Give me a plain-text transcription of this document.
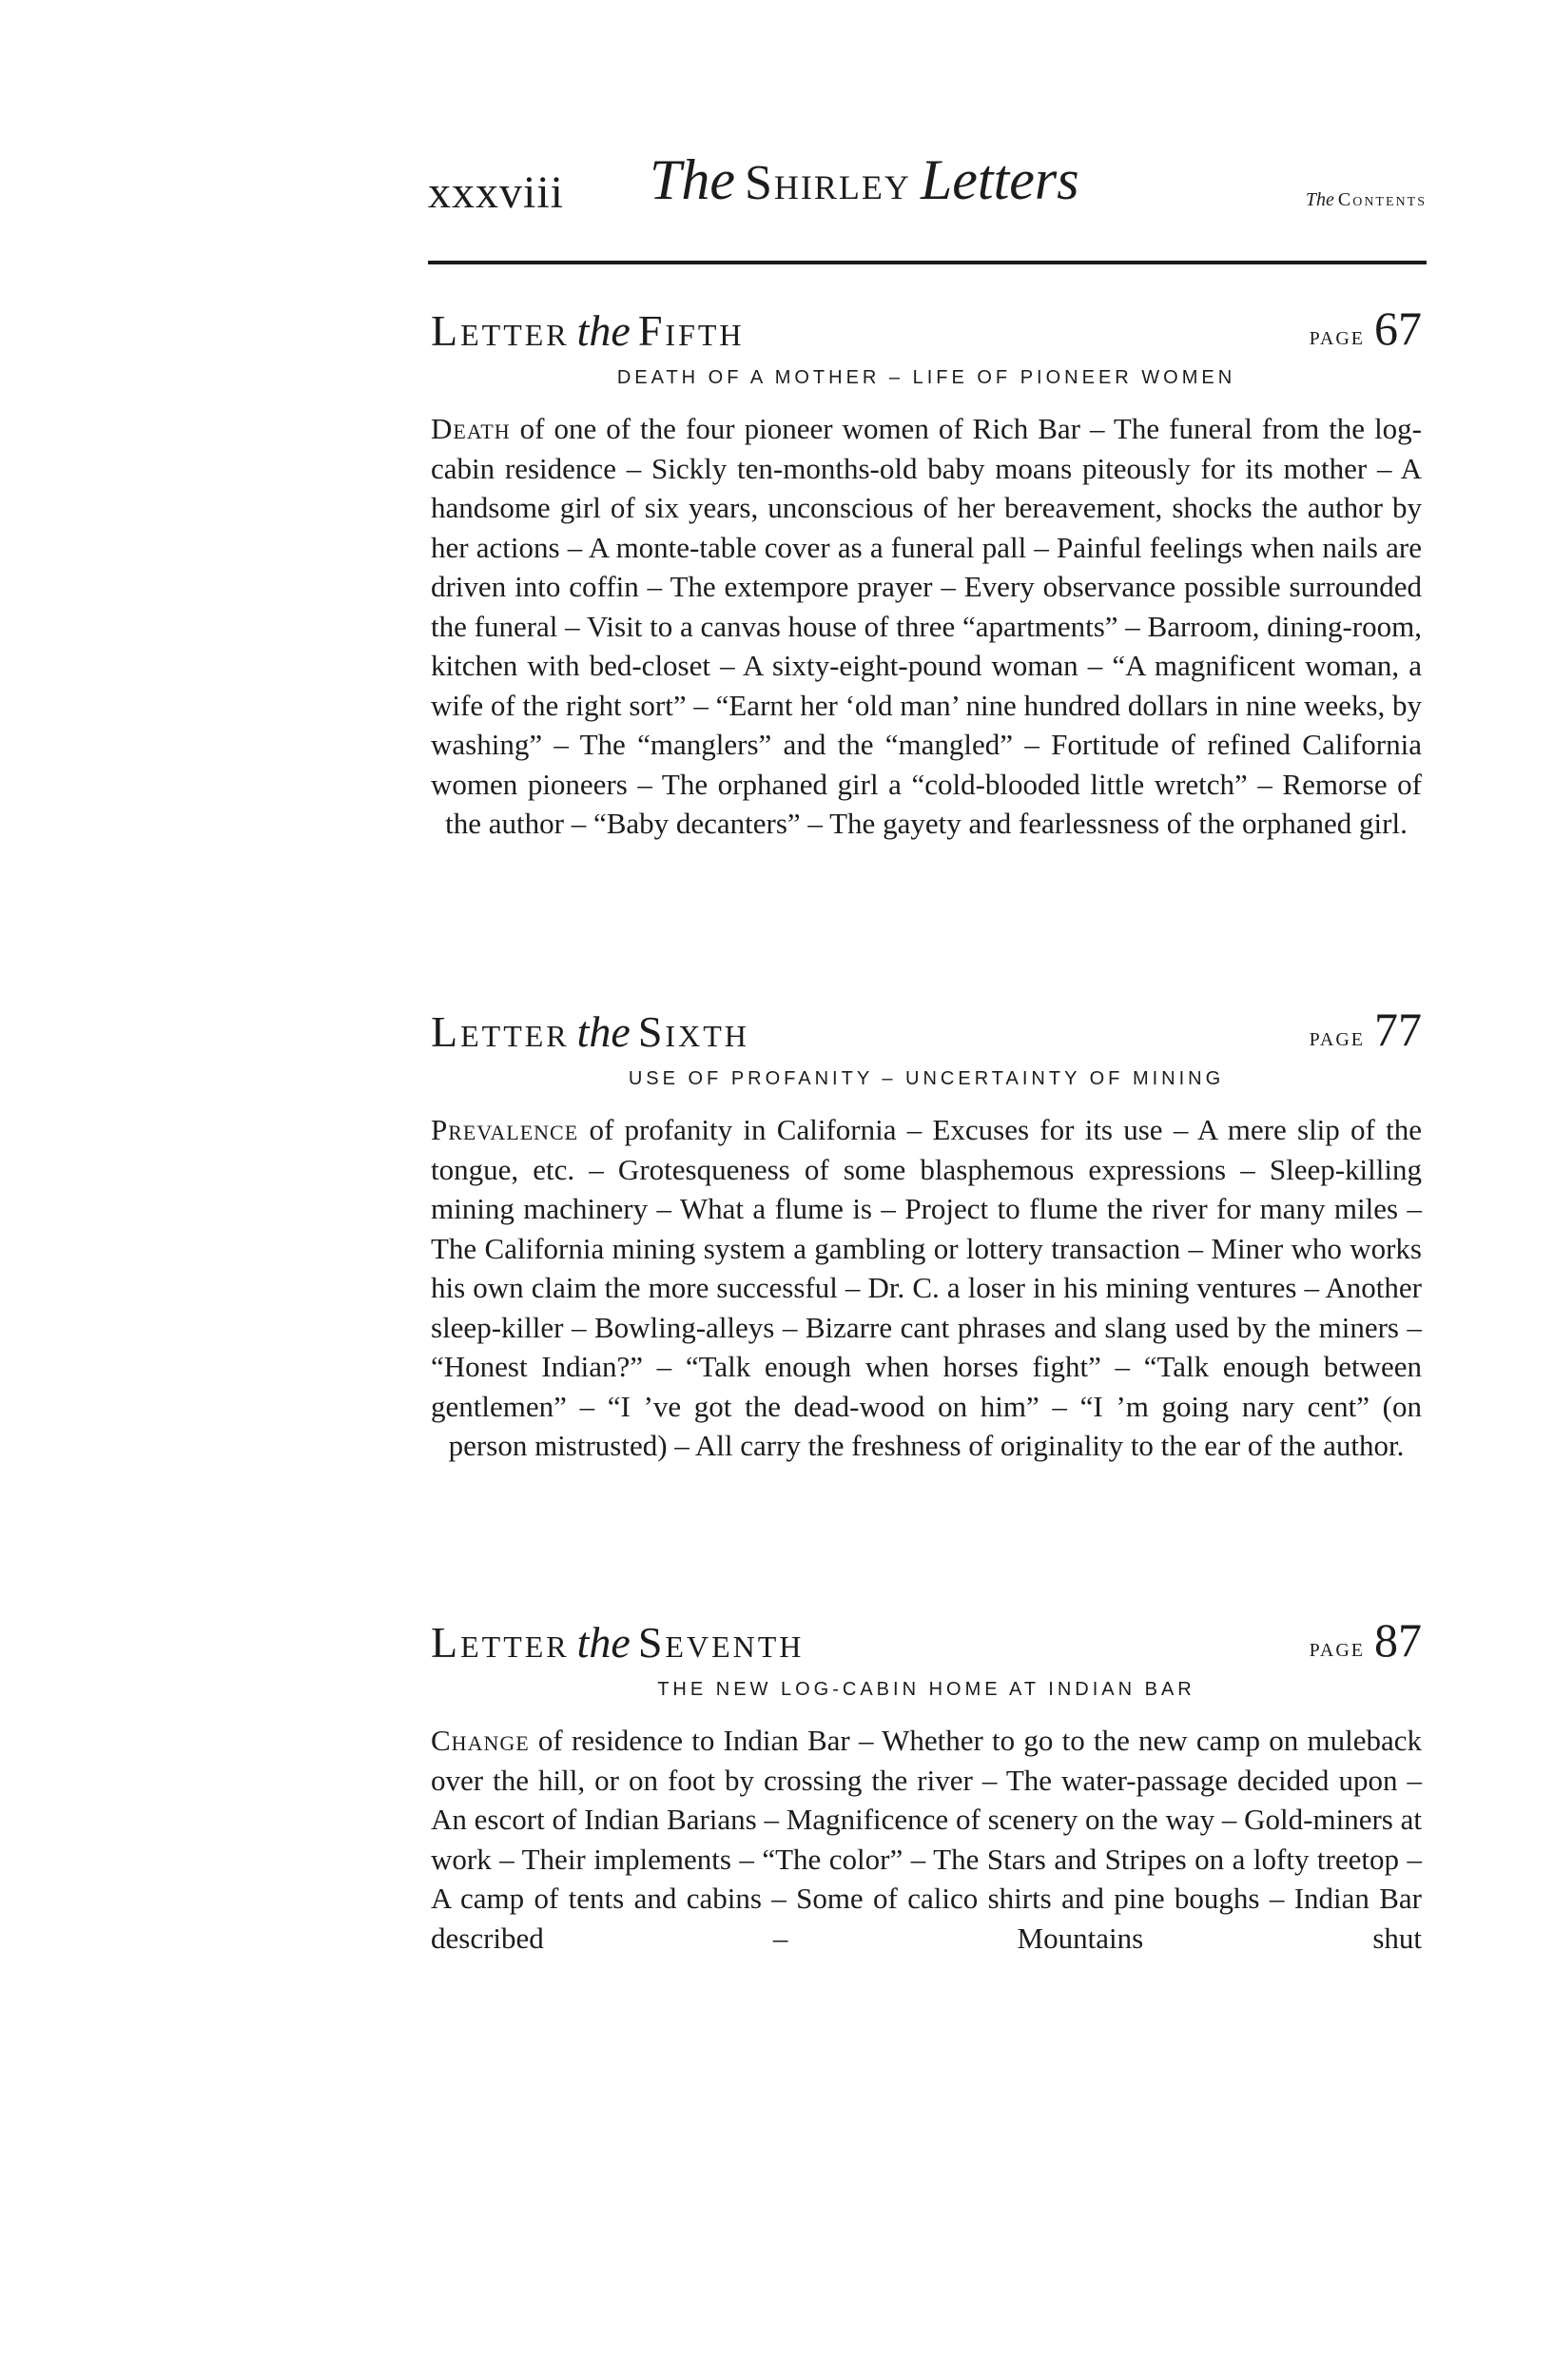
xxxviii The Shirley Letters	The Contents
Letter the Fifth	PAGE 67
DEATH OF A MOTHER – LIFE OF PIONEER WOMEN

Death of one of the four pioneer women of Rich Bar – The funeral from the log-cabin residence – Sickly ten-months-old baby moans piteously for its mother – A handsome girl of six years, unconscious of her bereavement, shocks the author by her actions – A monte-table cover as a funeral pall – Painful feelings when nails are driven into coffin – The extempore prayer – Every observance possible surrounded the funeral – Visit to a canvas house of three “apartments” – Barroom, dining-room, kitchen with bed-closet – A sixty-eight-pound woman – “A magnificent woman, a wife of the right sort” – “Earnt her ‘old man’ nine hundred dollars in nine weeks, by washing” – The “manglers” and the “mangled” – Fortitude of refined California women pioneers – The orphaned girl a “cold-blooded little wretch” – Remorse of the author – “Baby decanters” – The gayety and fearlessness of the orphaned girl.

Letter the Sixth	PAGE 77
USE OF PROFANITY – UNCERTAINTY OF MINING

Prevalence of profanity in California – Excuses for its use – A mere slip of the tongue, etc. – Grotesqueness of some blasphemous expressions – Sleep-killing mining machinery – What a flume is – Project to flume the river for many miles – The California mining system a gambling or lottery transaction – Miner who works his own claim the more successful – Dr. C. a loser in his mining ventures – Another sleep-killer – Bowling-alleys – Bizarre cant phrases and slang used by the miners – “Honest Indian?” – “Talk enough when horses fight” – “Talk enough between gentlemen” – “I ’ve got the dead-wood on him” – “I ’m going nary cent” (on person mistrusted) – All carry the freshness of originality to the ear of the author.

Letter the Seventh	PAGE 87
THE NEW LOG-CABIN HOME AT INDIAN BAR

Change of residence to Indian Bar – Whether to go to the new camp on muleback over the hill, or on foot by crossing the river – The water-passage decided upon – An escort of Indian Barians – Magnificence of scenery on the way – Gold-miners at work – Their implements – “The color” – The Stars and Stripes on a lofty treetop – A camp of tents and cabins – Some of calico shirts and pine boughs – Indian Bar described – Mountains shut
